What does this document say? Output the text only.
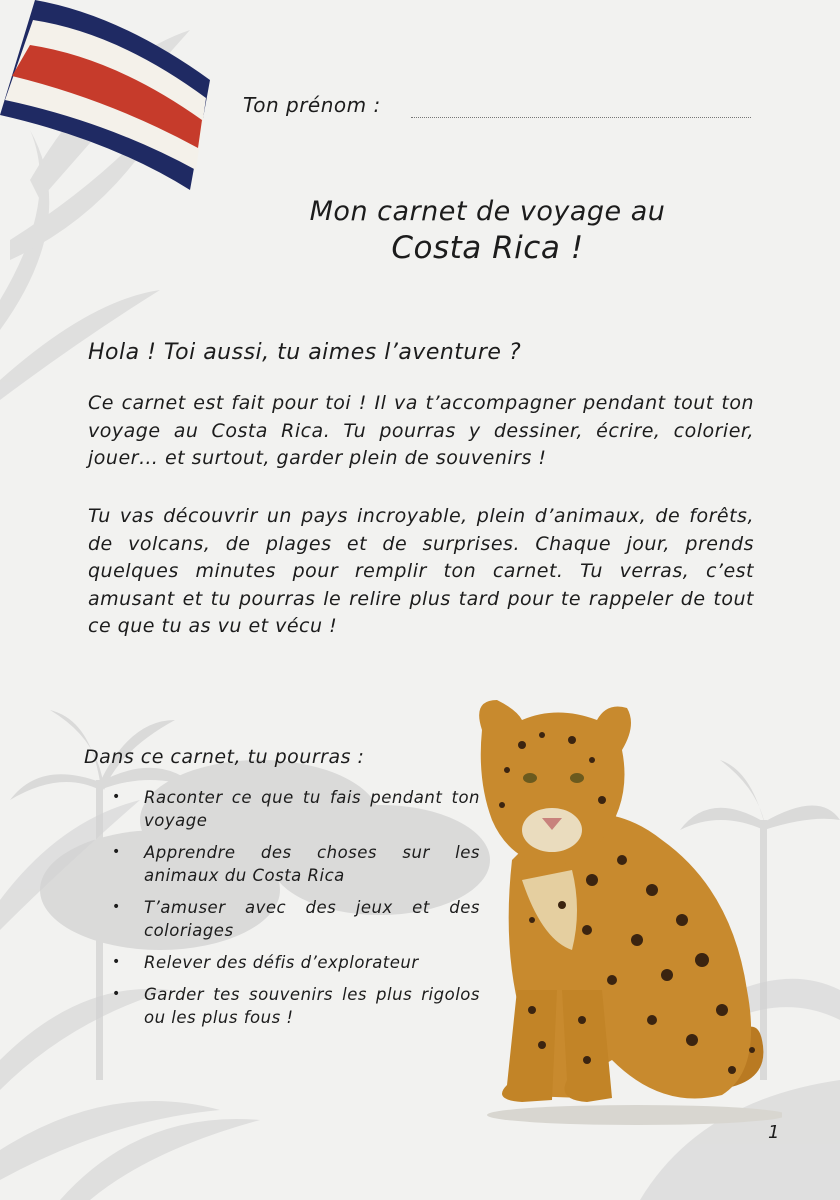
Ton prénom :
Mon carnet de voyage au
Costa Rica !
Hola ! Toi aussi, tu aimes l’aventure ?

Ce carnet est fait pour toi ! Il va t’accompagner pendant tout ton voyage au Costa Rica. Tu pourras y dessiner, écrire, colorier, jouer… et surtout, garder plein de souvenirs !

Tu vas découvrir un pays incroyable, plein d’animaux, de forêts, de volcans, de plages et de surprises. Chaque jour, prends quelques minutes pour remplir ton carnet. Tu verras, c’est amusant et tu pourras le relire plus tard pour te rappeler de tout ce que tu as vu et vécu !

Dans ce carnet, tu pourras :
• Raconter ce que tu fais pendant ton voyage
• Apprendre des choses sur les animaux du Costa Rica
• T’amuser avec des jeux et des coloriages
• Relever des défis d’explorateur
• Garder tes souvenirs les plus rigolos ou les plus fous !
1
